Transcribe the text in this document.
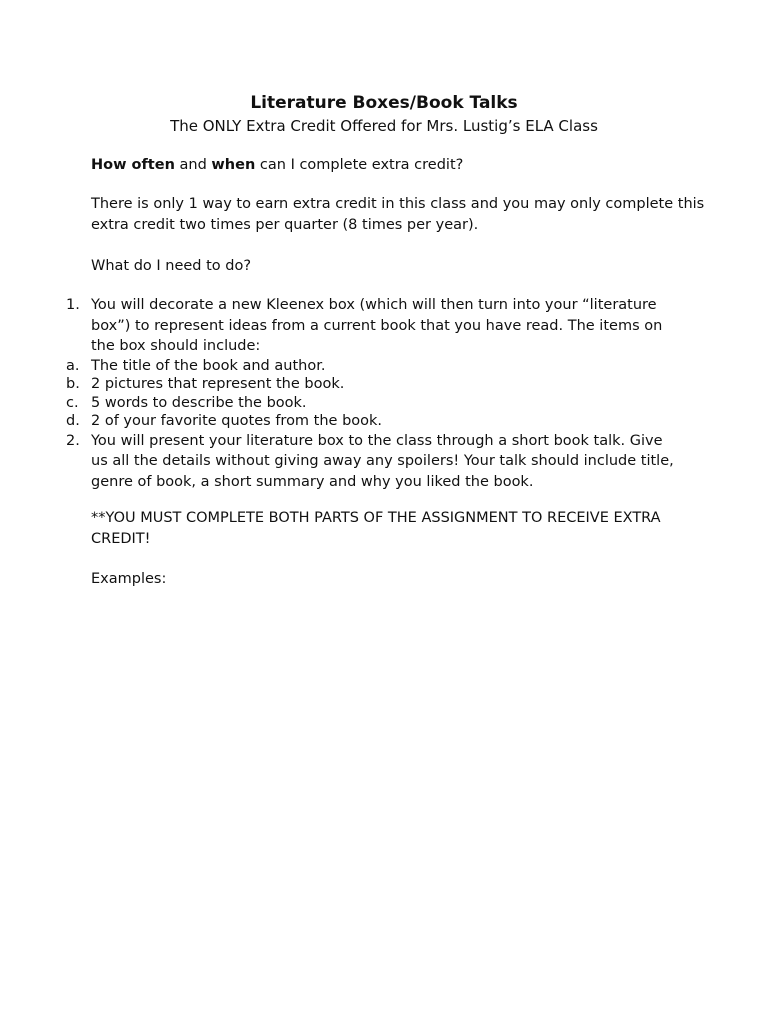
Literature Boxes/Book Talks
The ONLY Extra Credit Offered for Mrs. Lustig’s ELA Class
How often and when can I complete extra credit?
There is only 1 way to earn extra credit in this class and you may only complete this extra credit two times per quarter (8 times per year).
What do I need to do?
1. You will decorate a new Kleenex box (which will then turn into your “literature box”) to represent ideas from a current book that you have read. The items on the box should include:
a. The title of the book and author.
b. 2 pictures that represent the book.
c. 5 words to describe the book.
d. 2 of your favorite quotes from the book.
2. You will present your literature box to the class through a short book talk. Give us all the details without giving away any spoilers! Your talk should include title, genre of book, a short summary and why you liked the book.
**YOU MUST COMPLETE BOTH PARTS OF THE ASSIGNMENT TO RECEIVE EXTRA CREDIT!
Examples:
